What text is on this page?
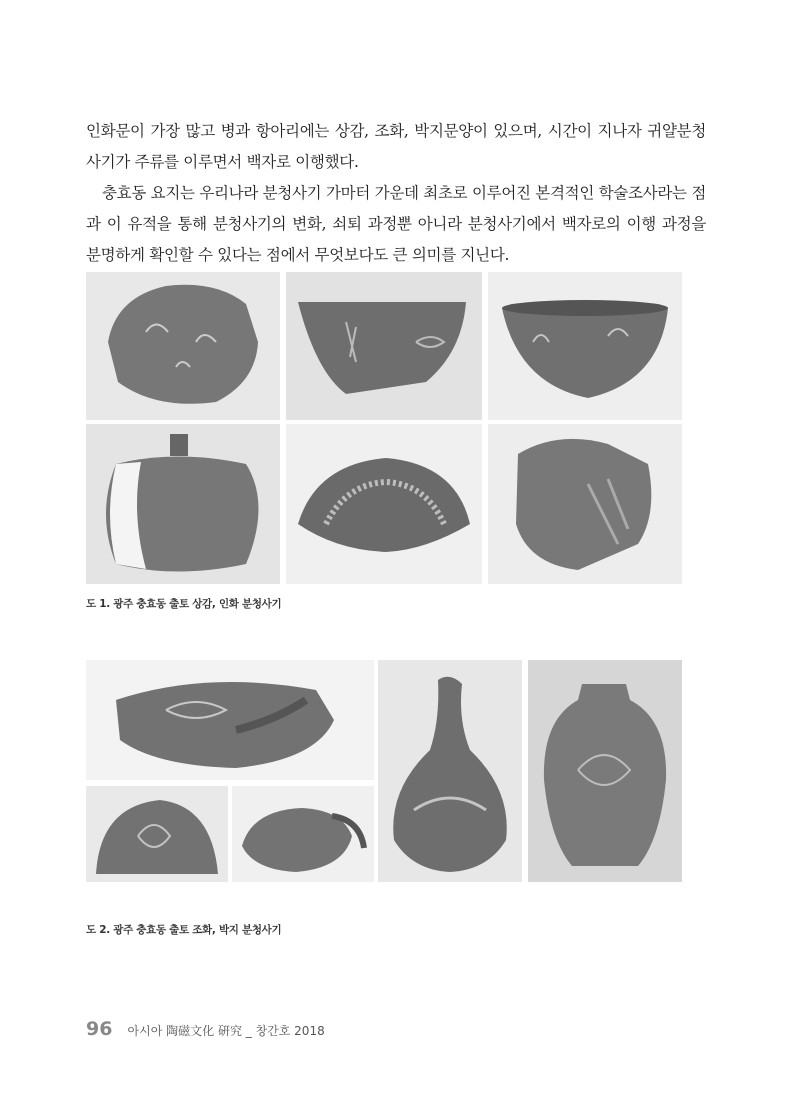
인화문이 가장 많고 병과 항아리에는 상감, 조화, 박지문양이 있으며, 시간이 지나자 귀얄분청사기가 주류를 이루면서 백자로 이행했다.

충효동 요지는 우리나라 분청사기 가마터 가운데 최초로 이루어진 본격적인 학술조사라는 점과 이 유적을 통해 분청사기의 변화, 쇠퇴 과정뿐 아니라 분청사기에서 백자로의 이행 과정을 분명하게 확인할 수 있다는 점에서 무엇보다도 큰 의미를 지닌다.

도 1. 광주 충효동 출토 상감, 인화 분청사기
도 2. 광주 충효동 출토 조화, 박지 분청사기
96 아시아 陶磁文化 硏究 _ 창간호 2018
